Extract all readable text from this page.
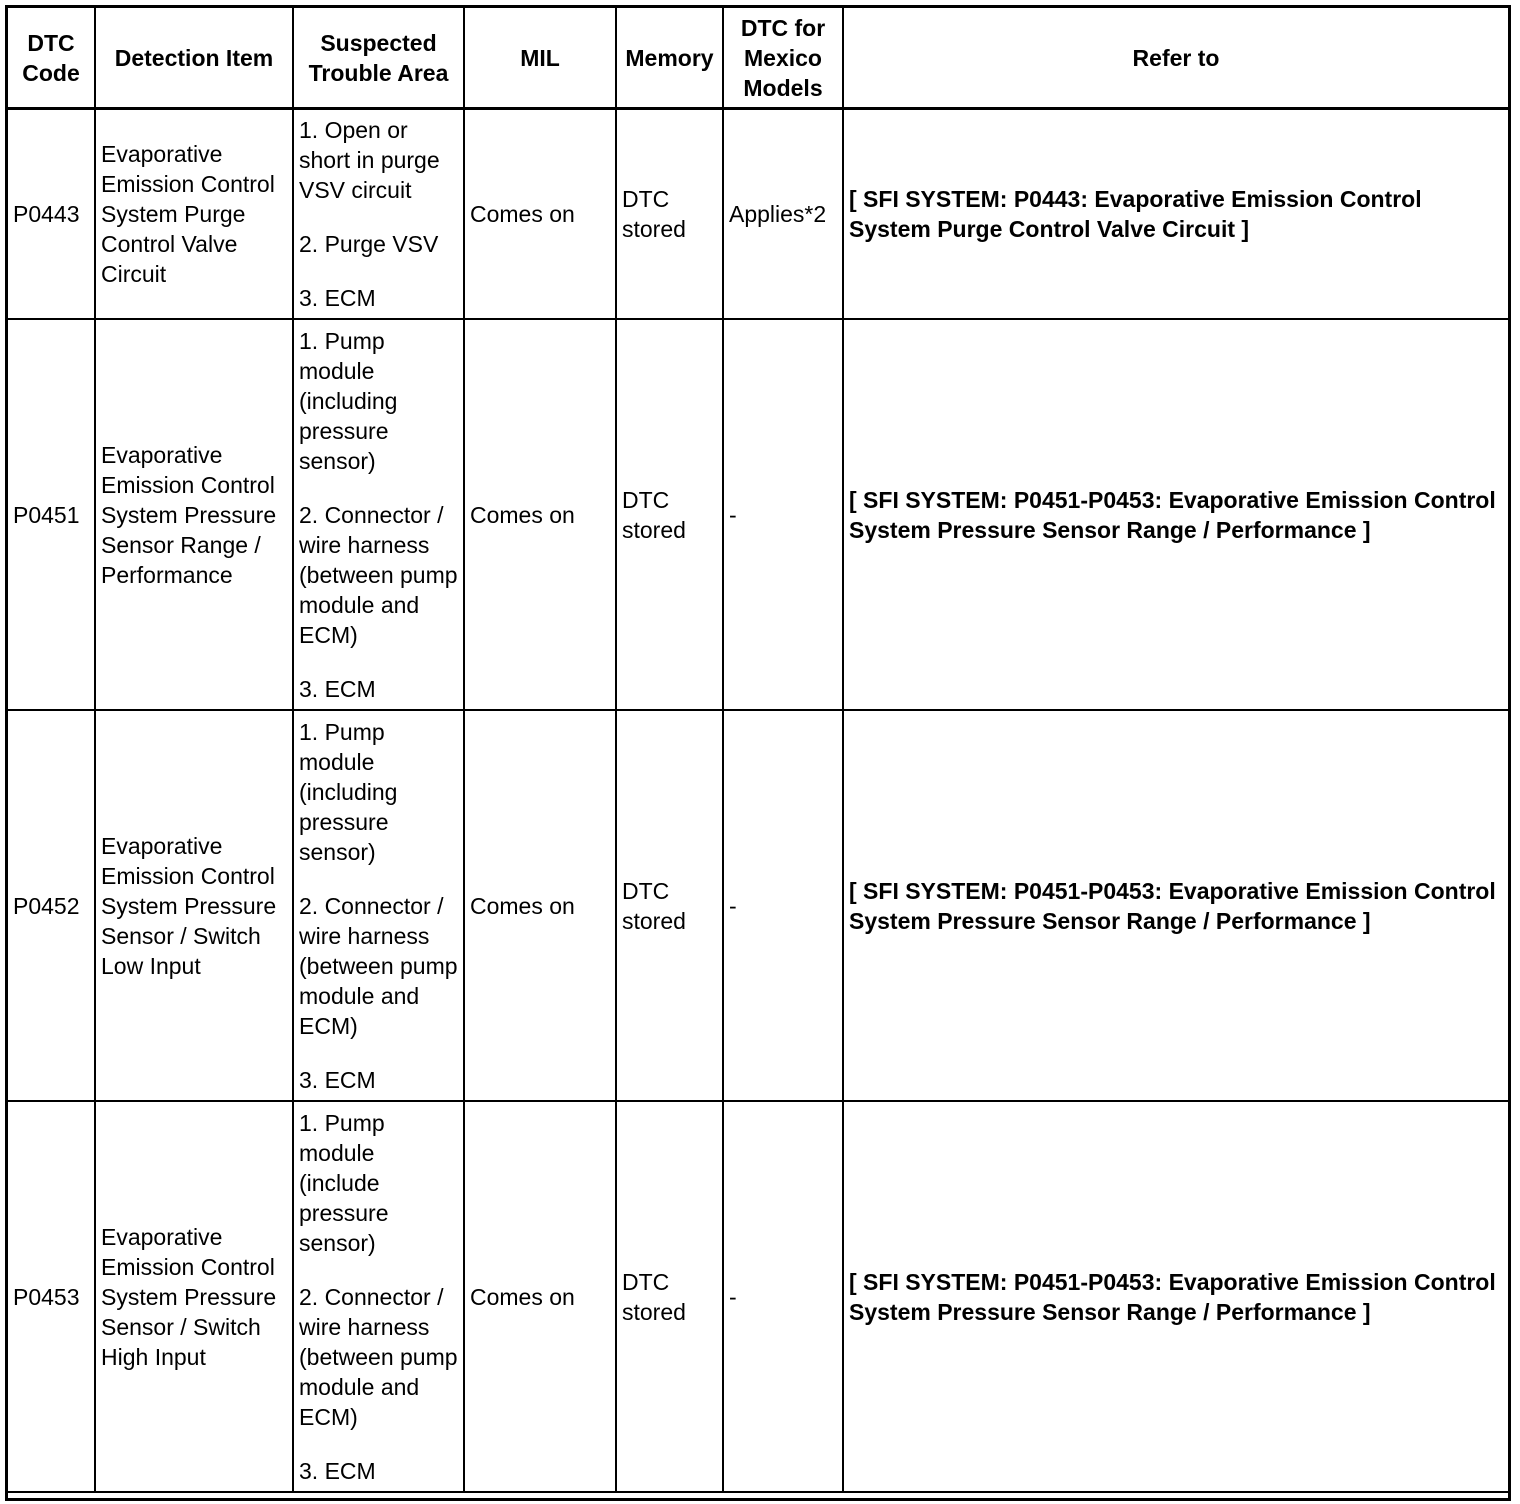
DTC Code	Detection Item	Suspected Trouble Area	MIL	Memory	DTC for Mexico Models	Refer to
P0443	Evaporative Emission Control System Purge Control Valve Circuit	1. Open or short in purge VSV circuit
2. Purge VSV
3. ECM	Comes on	DTC stored	Applies*2	[ SFI SYSTEM: P0443: Evaporative Emission Control System Purge Control Valve Circuit ]
P0451	Evaporative Emission Control System Pressure Sensor Range / Performance	1. Pump module (including pressure sensor)
2. Connector / wire harness (between pump module and ECM)
3. ECM	Comes on	DTC stored	-	[ SFI SYSTEM: P0451-P0453: Evaporative Emission Control System Pressure Sensor Range / Performance ]
P0452	Evaporative Emission Control System Pressure Sensor / Switch Low Input	1. Pump module (including pressure sensor)
2. Connector / wire harness (between pump module and ECM)
3. ECM	Comes on	DTC stored	-	[ SFI SYSTEM: P0451-P0453: Evaporative Emission Control System Pressure Sensor Range / Performance ]
P0453	Evaporative Emission Control System Pressure Sensor / Switch High Input	1. Pump module (include pressure sensor)
2. Connector / wire harness (between pump module and ECM)
3. ECM	Comes on	DTC stored	-	[ SFI SYSTEM: P0451-P0453: Evaporative Emission Control System Pressure Sensor Range / Performance ]
